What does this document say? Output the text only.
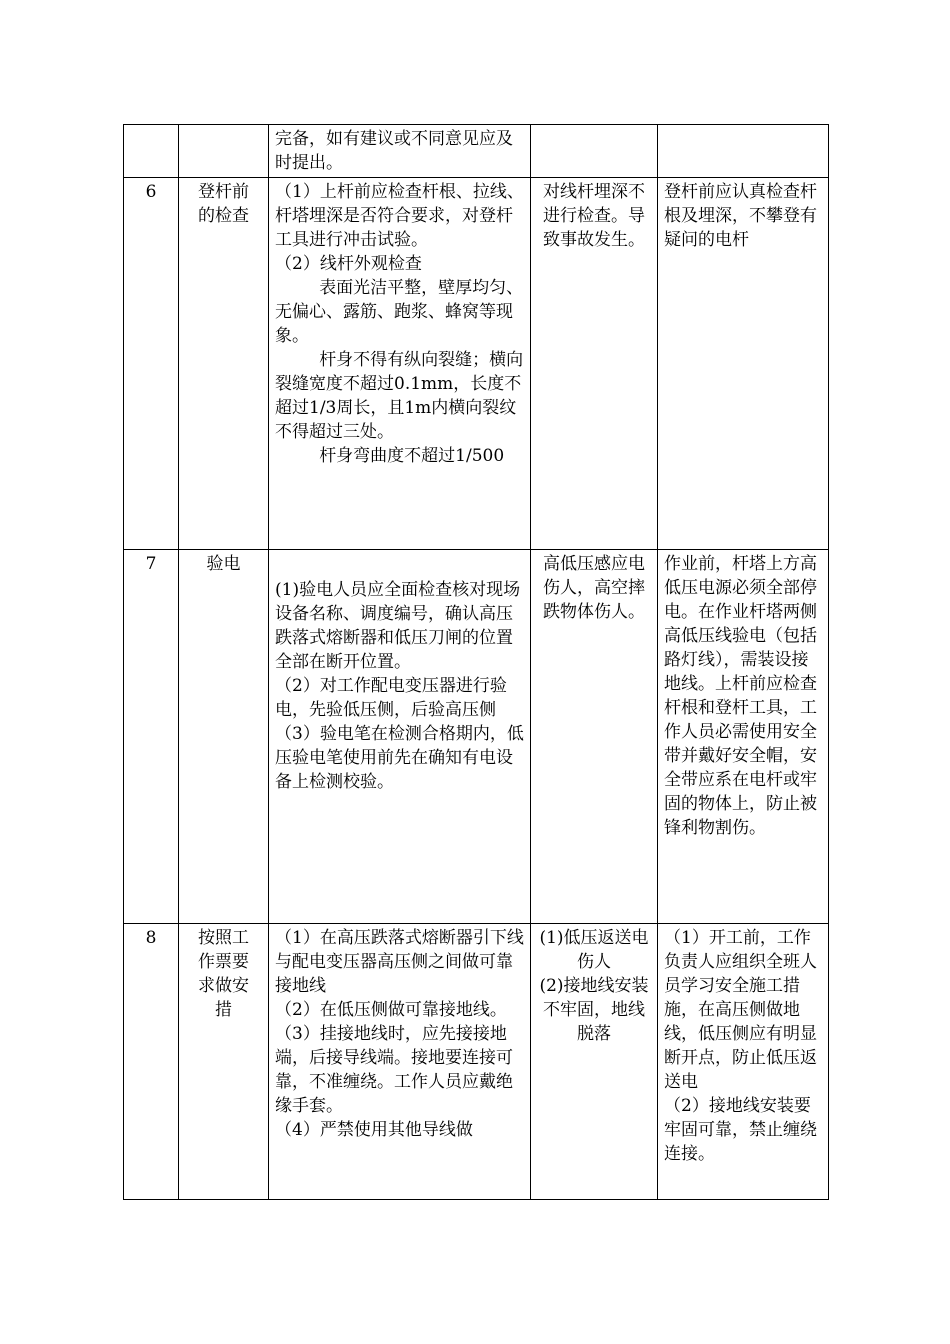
		完备，如有建议或不同意见应及时提出。		

6	登杆前的检查	（1）上杆前应检查杆根、拉线、杆塔埋深是否符合要求，对登杆工具进行冲击试验。
（2）线杆外观检查
表面光洁平整，壁厚均匀、无偏心、露筋、跑浆、蜂窝等现象。
杆身不得有纵向裂缝；横向裂缝宽度不超过0.1mm，长度不超过1/3周长，且1m内横向裂纹不得超过三处。
杆身弯曲度不超过1/500	对线杆埋深不进行检查。导致事故发生。	登杆前应认真检查杆根及埋深，不攀登有疑问的电杆
7	验电	(1)验电人员应全面检查核对现场设备名称、调度编号，确认高压跌落式熔断器和低压刀闸的位置全部在断开位置。
（2）对工作配电变压器进行验电，先验低压侧，后验高压侧
（3）验电笔在检测合格期内，低压验电笔使用前先在确知有电设备上检测校验。	高低压感应电伤人，高空摔跌物体伤人。	作业前，杆塔上方高低压电源必须全部停电。在作业杆塔两侧高低压线验电（包括路灯线），需装设接地线。上杆前应检查杆根和登杆工具，工作人员必需使用安全带并戴好安全帽，安全带应系在电杆或牢固的物体上，防止被锋利物割伤。
8	按照工作票要求做安措	（1）在高压跌落式熔断器引下线与配电变压器高压侧之间做可靠接地线
（2）在低压侧做可靠接地线。
（3）挂接地线时，应先接接地端，后接导线端。接地要连接可靠，不准缠绕。工作人员应戴绝缘手套。
（4）严禁使用其他导线做	(1)低压返送电伤人
(2)接地线安装不牢固，地线脱落	（1）开工前，工作负责人应组织全班人员学习安全施工措施，在高压侧做地线，低压侧应有明显断开点，防止低压返送电
（2）接地线安装要牢固可靠，禁止缠绕连接。
